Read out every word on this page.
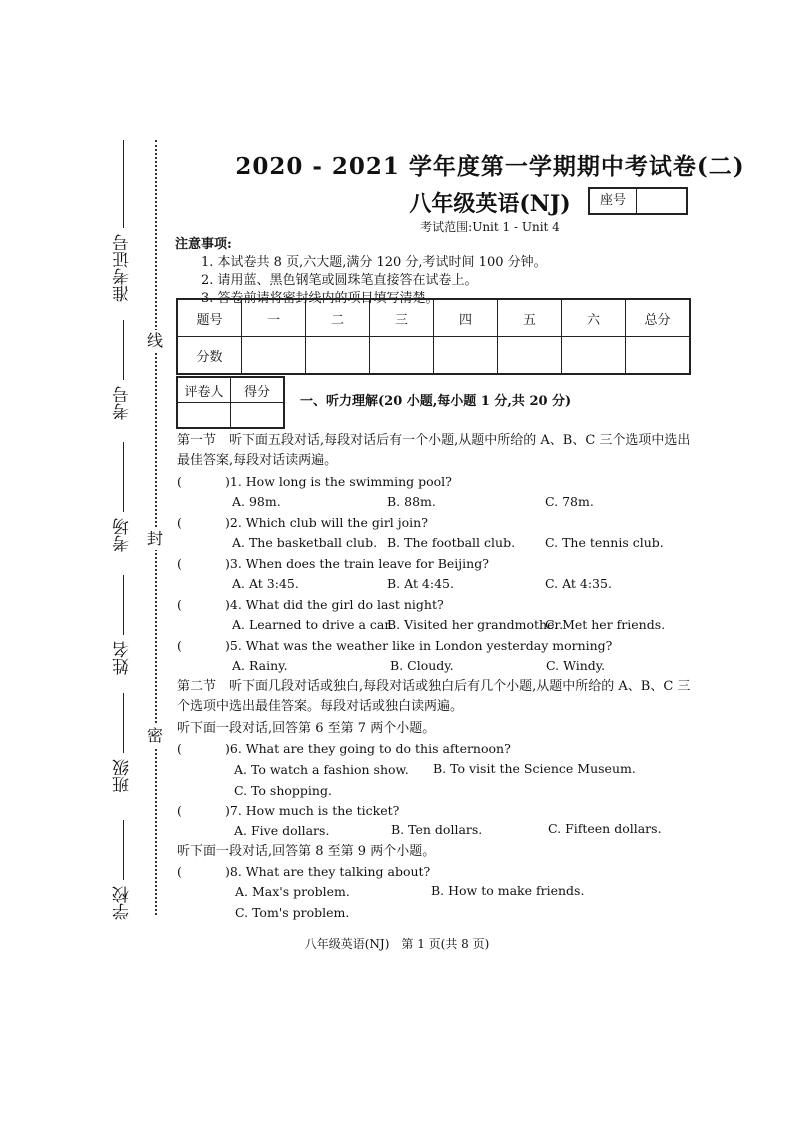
准考证号
考号
考场
姓名
班级
学校
线
封
密
2020 - 2021 学年度第一学期期中考试卷(二)
八年级英语(NJ)
考试范围:Unit 1 - Unit 4
座号
注意事项:
1. 本试卷共 8 页,六大题,满分 120 分,考试时间 100 分钟。
2. 请用蓝、黑色钢笔或圆珠笔直接答在试卷上。
3. 答卷前请将密封线内的项目填写清楚。
题号	一	二	三	四	五	六	总分
分数							
评卷人	得分

一、听力理解(20 小题,每小题 1 分,共 20 分)
第一节　听下面五段对话,每段对话后有一个小题,从题中所给的 A、B、C 三个选项中选出最佳答案,每段对话读两遍。
(	)1. How long is the swimming pool?
A. 98m.	B. 88m.	C. 78m.
(	)2. Which club will the girl join?
A. The basketball club. B. The football club. C. The tennis club.
(	)3. When does the train leave for Beijing?
A. At 3:45.	B. At 4:45.	C. At 4:35.
(	)4. What did the girl do last night?
A. Learned to drive a car.
B. Visited her grandmother.
C. Met her friends.
(	)5. What was the weather like in London yesterday morning?
A. Rainy.	B. Cloudy.	C. Windy.
第二节　听下面几段对话或独白,每段对话或独白后有几个小题,从题中所给的 A、B、C 三个选项中选出最佳答案。每段对话或独白读两遍。
听下面一段对话,回答第 6 至第 7 两个小题。
(	)6. What are they going to do this afternoon?
A. To watch a fashion show. B. To visit the Science Museum.
C. To shopping.
(	)7. How much is the ticket?
A. Five dollars.	B. Ten dollars.	C. Fifteen dollars.
听下面一段对话,回答第 8 至第 9 两个小题。
(	)8. What are they talking about?
A. Max's problem.	B. How to make friends.
C. Tom's problem.
八年级英语(NJ)　第 1 页(共 8 页)
